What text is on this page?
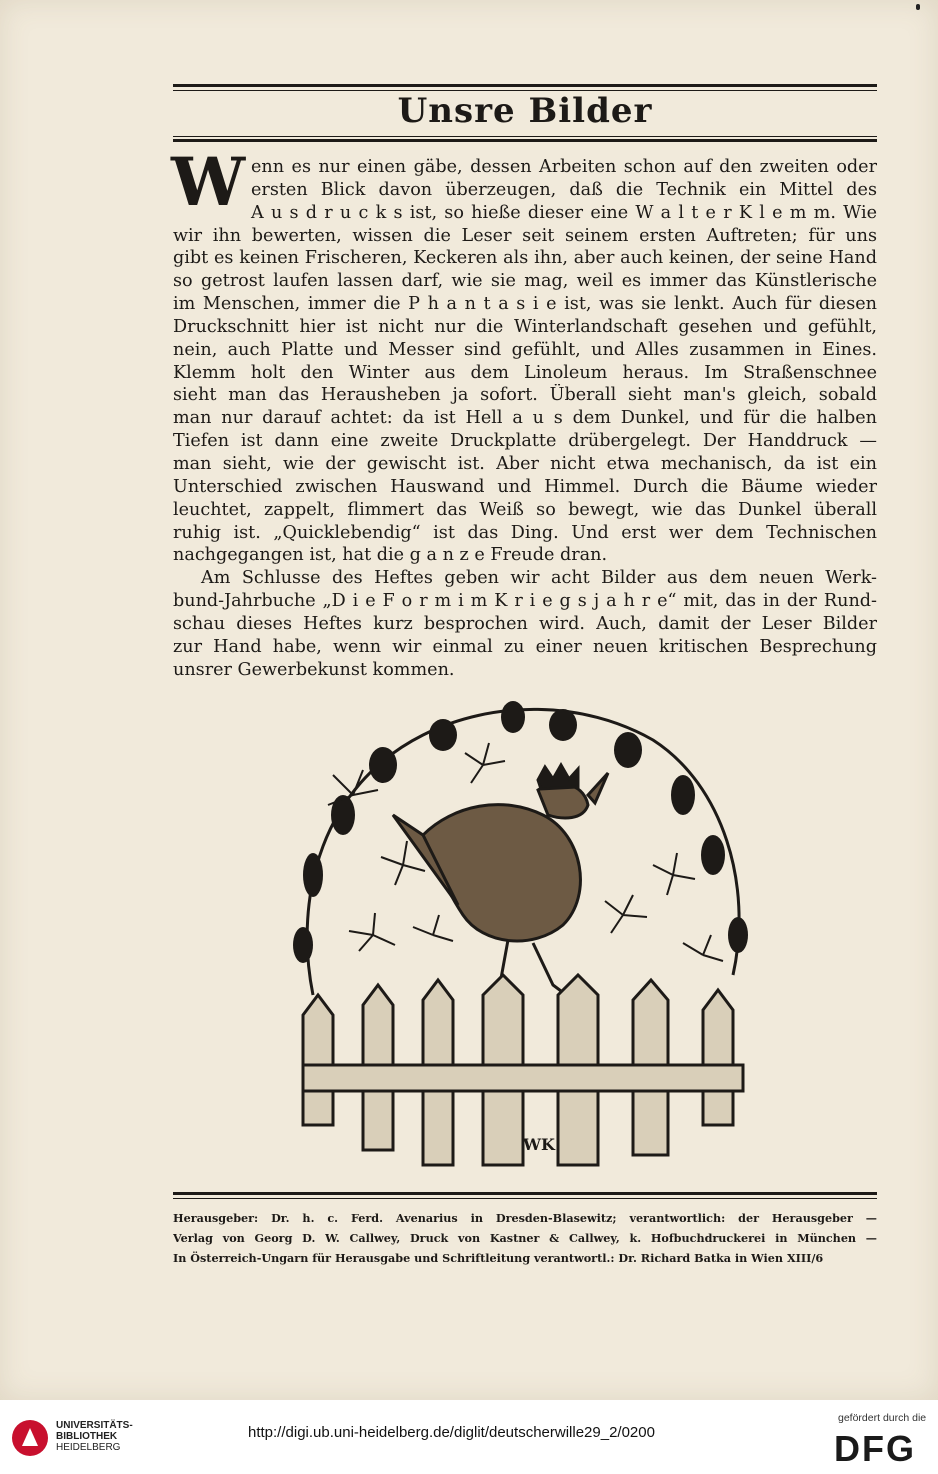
Unsre Bilder
W enn es nur einen gäbe, dessen Arbeiten schon auf den zweiten oder
ersten Blick davon überzeugen, daß die Technik ein Mittel des
A u s d r u c k s ist, so hieße dieser eine W a l t e r K l e m m. Wie
wir ihn bewerten, wissen die Leser seit seinem ersten Auftreten; für uns
gibt es keinen Frischeren, Keckeren als ihn, aber auch keinen, der seine Hand
so getrost laufen lassen darf, wie sie mag, weil es immer das Künstlerische
im Menschen, immer die P h a n t a s i e ist, was sie lenkt. Auch für diesen
Druckschnitt hier ist nicht nur die Winterlandschaft gesehen und gefühlt,
nein, auch Platte und Messer sind gefühlt, und Alles zusammen in Eines.
Klemm holt den Winter aus dem Linoleum heraus. Im Straßenschnee
sieht man das Herausheben ja sofort. Überall sieht man's gleich, sobald
man nur darauf achtet: da ist Hell a u s dem Dunkel, und für die halben
Tiefen ist dann eine zweite Druckplatte drübergelegt. Der Handdruck —
man sieht, wie der gewischt ist. Aber nicht etwa mechanisch, da ist ein
Unterschied zwischen Hauswand und Himmel. Durch die Bäume wieder
leuchtet, zappelt, flimmert das Weiß so bewegt, wie das Dunkel überall
ruhig ist. „Quicklebendig“ ist das Ding. Und erst wer dem Technischen
nachgegangen ist, hat die g a n z e Freude dran.
Am Schlusse des Heftes geben wir acht Bilder aus dem neuen Werk-
bund-Jahrbuche „D i e F o r m i m K r i e g s j a h r e“ mit, das in der Rund-
schau dieses Heftes kurz besprochen wird. Auch, damit der Leser Bilder
zur Hand habe, wenn wir einmal zu einer neuen kritischen Besprechung
unsrer Gewerbekunst kommen.
WK
Herausgeber: Dr. h. c. Ferd. Avenarius in Dresden-Blasewitz; verantwortlich: der Herausgeber —
Verlag von Georg D. W. Callwey, Druck von Kastner & Callwey, k. Hofbuchdruckerei in München —
In Österreich-Ungarn für Herausgabe und Schriftleitung verantwortl.: Dr. Richard Batka in Wien XIII/6
UNIVERSITÄTS-
BIBLIOTHEK
HEIDELBERG
http://digi.ub.uni-heidelberg.de/diglit/deutscherwille29_2/0200
gefördert durch die
DFG
